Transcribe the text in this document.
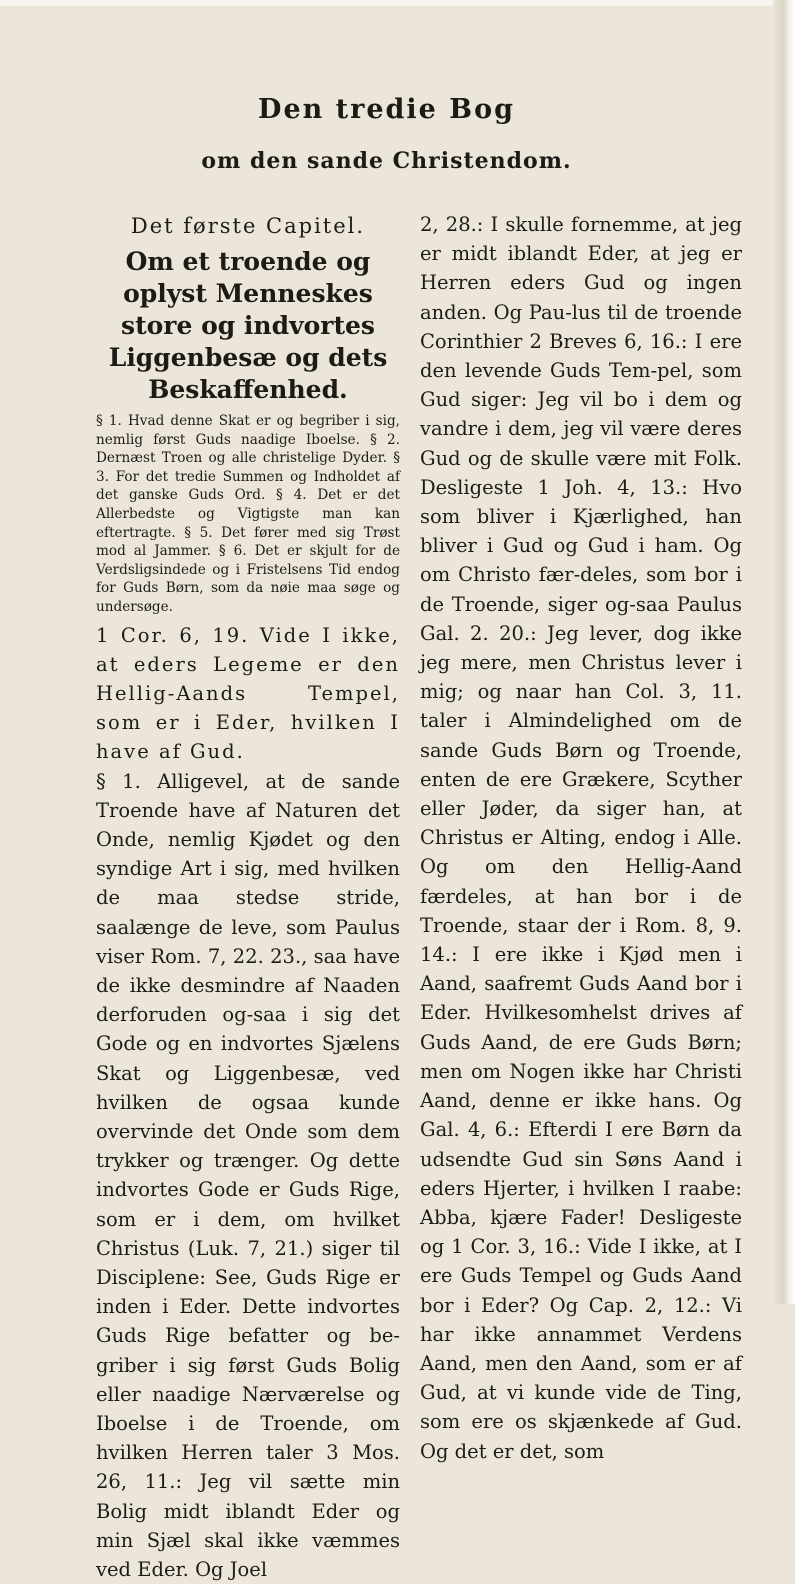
Den tredie Bog
om den sande Christendom.

Det første Capitel.

Om et troende og oplyst Menneskes store og indvortes Liggenbesæ og dets Beskaffenhed.

§ 1. Hvad denne Skat er og begriber i sig, nemlig først Guds naadige Iboelse. § 2. Dernæst Troen og alle christelige Dyder. § 3. For det tredie Summen og Indholdet af det ganske Guds Ord. § 4. Det er det Allerbedste og Vigtigste man kan eftertragte. § 5. Det fører med sig Trøst mod al Jammer. § 6. Det er skjult for de Verdsligsindede og i Fristelsens Tid endog for Guds Børn, som da nøie maa søge og undersøge.

1 Cor. 6, 19. Vide I ikke, at eders Legeme er den Hellig-Aands Tempel, som er i Eder, hvilken I have af Gud.

§ 1. Alligevel, at de sande Troende have af Naturen det Onde, nemlig Kjødet og den syndige Art i sig, med hvilken de maa stedse stride, saalænge de leve, som Paulus viser Rom. 7, 22. 23., saa have de ikke desmindre af Naaden derforuden og-saa i sig det Gode og en indvortes Sjælens Skat og Liggenbesæ, ved hvilken de ogsaa kunde overvinde det Onde som dem trykker og trænger. Og dette indvortes Gode er Guds Rige, som er i dem, om hvilket Christus (Luk. 7, 21.) siger til Disciplene: See, Guds Rige er inden i Eder. Dette indvortes Guds Rige befatter og be-griber i sig først Guds Bolig eller naadige Nærværelse og Iboelse i de Troende, om hvilken Herren taler 3 Mos. 26, 11.: Jeg vil sætte min Bolig midt iblandt Eder og min Sjæl skal ikke væmmes ved Eder. Og Joel

2, 28.: I skulle fornemme, at jeg er midt iblandt Eder, at jeg er Herren eders Gud og ingen anden. Og Pau-lus til de troende Corinthier 2 Breves 6, 16.: I ere den levende Guds Tem-pel, som Gud siger: Jeg vil bo i dem og vandre i dem, jeg vil være deres Gud og de skulle være mit Folk. Desligeste 1 Joh. 4, 13.: Hvo som bliver i Kjærlighed, han bliver i Gud og Gud i ham. Og om Christo fær-deles, som bor i de Troende, siger og-saa Paulus Gal. 2. 20.: Jeg lever, dog ikke jeg mere, men Christus lever i mig; og naar han Col. 3, 11. taler i Almindelighed om de sande Guds Børn og Troende, enten de ere Grækere, Scyther eller Jøder, da siger han, at Christus er Alting, endog i Alle. Og om den Hellig-Aand færdeles, at han bor i de Troende, staar der i Rom. 8, 9. 14.: I ere ikke i Kjød men i Aand, saafremt Guds Aand bor i Eder. Hvilkesomhelst drives af Guds Aand, de ere Guds Børn; men om Nogen ikke har Christi Aand, denne er ikke hans. Og Gal. 4, 6.: Efterdi I ere Børn da udsendte Gud sin Søns Aand i eders Hjerter, i hvilken I raabe: Abba, kjære Fader! Desligeste og 1 Cor. 3, 16.: Vide I ikke, at I ere Guds Tempel og Guds Aand bor i Eder? Og Cap. 2, 12.: Vi har ikke annammet Verdens Aand, men den Aand, som er af Gud, at vi kunde vide de Ting, som ere os skjænkede af Gud. Og det er det, som
